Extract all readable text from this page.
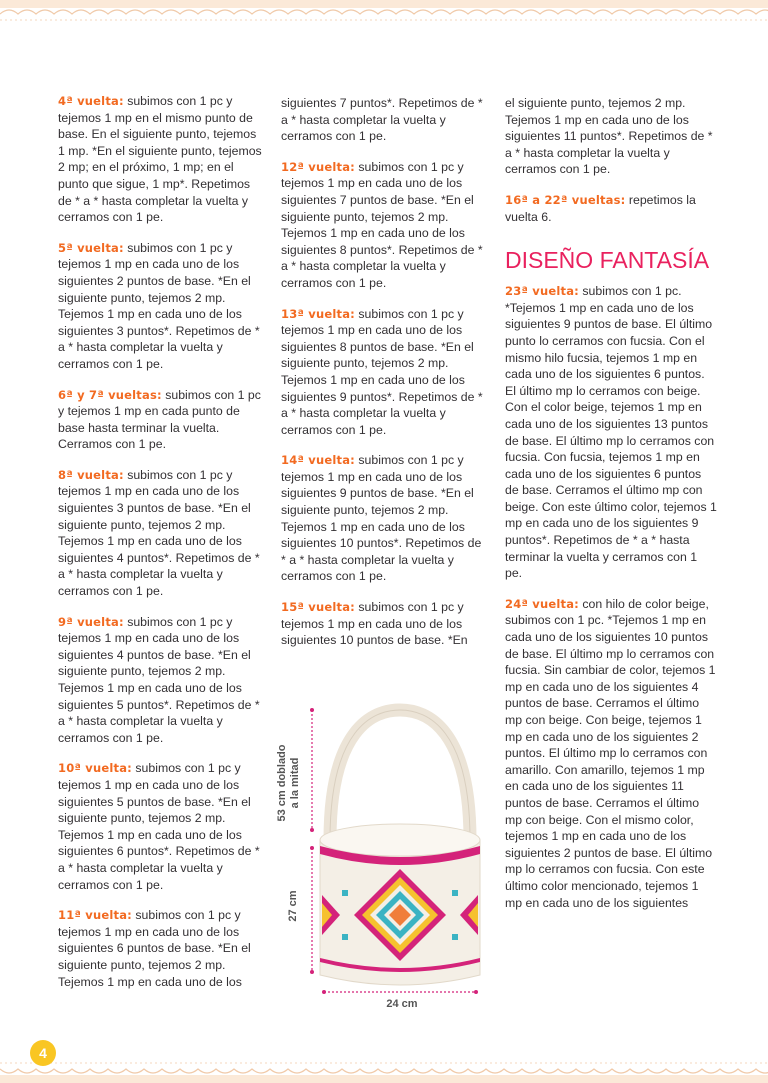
4ª vuelta: subimos con 1 pc y tejemos 1 mp en el mismo punto de base. En el siguiente punto, tejemos 1 mp. *En el siguiente punto, tejemos 2 mp; en el próximo, 1 mp; en el punto que sigue, 1 mp*. Repetimos de * a * hasta completar la vuelta y cerramos con 1 pe.

5ª vuelta: subimos con 1 pc y tejemos 1 mp en cada uno de los siguientes 2 puntos de base. *En el siguiente punto, tejemos 2 mp. Tejemos 1 mp en cada uno de los siguientes 3 puntos*. Repetimos de * a * hasta completar la vuelta y cerramos con 1 pe.

6ª y 7ª vueltas: subimos con 1 pc y tejemos 1 mp en cada punto de base hasta terminar la vuelta. Cerramos con 1 pe.

8ª vuelta: subimos con 1 pc y tejemos 1 mp en cada uno de los siguientes 3 puntos de base. *En el siguiente punto, tejemos 2 mp. Tejemos 1 mp en cada uno de los siguientes 4 puntos*. Repetimos de * a * hasta completar la vuelta y cerramos con 1 pe.

9ª vuelta: subimos con 1 pc y tejemos 1 mp en cada uno de los siguientes 4 puntos de base. *En el siguiente punto, tejemos 2 mp. Tejemos 1 mp en cada uno de los siguientes 5 puntos*. Repetimos de * a * hasta completar la vuelta y cerramos con 1 pe.

10ª vuelta: subimos con 1 pc y tejemos 1 mp en cada uno de los siguientes 5 puntos de base. *En el siguiente punto, tejemos 2 mp. Tejemos 1 mp en cada uno de los siguientes 6 puntos*. Repetimos de * a * hasta completar la vuelta y cerramos con 1 pe.

11ª vuelta: subimos con 1 pc y tejemos 1 mp en cada uno de los siguientes 6 puntos de base. *En el siguiente punto, tejemos 2 mp. Tejemos 1 mp en cada uno de los

siguientes 7 puntos*. Repetimos de * a * hasta completar la vuelta y cerramos con 1 pe.

12ª vuelta: subimos con 1 pc y tejemos 1 mp en cada uno de los siguientes 7 puntos de base. *En el siguiente punto, tejemos 2 mp. Tejemos 1 mp en cada uno de los siguientes 8 puntos*. Repetimos de * a * hasta completar la vuelta y cerramos con 1 pe.

13ª vuelta: subimos con 1 pc y tejemos 1 mp en cada uno de los siguientes 8 puntos de base. *En el siguiente punto, tejemos 2 mp. Tejemos 1 mp en cada uno de los siguientes 9 puntos*. Repetimos de * a * hasta completar la vuelta y cerramos con 1 pe.

14ª vuelta: subimos con 1 pc y tejemos 1 mp en cada uno de los siguientes 9 puntos de base. *En el siguiente punto, tejemos 2 mp. Tejemos 1 mp en cada uno de los siguientes 10 puntos*. Repetimos de * a * hasta completar la vuelta y cerramos con 1 pe.

15ª vuelta: subimos con 1 pc y tejemos 1 mp en cada uno de los siguientes 10 puntos de base. *En

el siguiente punto, tejemos 2 mp. Tejemos 1 mp en cada uno de los siguientes 11 puntos*. Repetimos de * a * hasta completar la vuelta y cerramos con 1 pe.

16ª a 22ª vueltas: repetimos la vuelta 6.

DISEÑO FANTASÍA

23ª vuelta: subimos con 1 pc. *Tejemos 1 mp en cada uno de los siguientes 9 puntos de base. El último punto lo cerramos con fucsia. Con el mismo hilo fucsia, tejemos 1 mp en cada uno de los siguientes 6 puntos. El último mp lo cerramos con beige. Con el color beige, tejemos 1 mp en cada uno de los siguientes 13 puntos de base. El último mp lo cerramos con fucsia. Con fucsia, tejemos 1 mp en cada uno de los siguientes 6 puntos de base. Cerramos el último mp con beige. Con este último color, tejemos 1 mp en cada uno de los siguientes 9 puntos*. Repetimos de * a * hasta terminar la vuelta y cerramos con 1 pe.

24ª vuelta: con hilo de color beige, subimos con 1 pc. *Tejemos 1 mp en cada uno de los siguientes 10 puntos de base. El último mp lo cerramos con fucsia. Sin cambiar de color, tejemos 1 mp en cada uno de los siguientes 4 puntos de base. Cerramos el último mp con beige. Con beige, tejemos 1 mp en cada uno de los siguientes 2 puntos. El último mp lo cerramos con amarillo. Con amarillo, tejemos 1 mp en cada uno de los siguientes 11 puntos de base. Cerramos el último mp con beige. Con el mismo color, tejemos 1 mp en cada uno de los siguientes 2 puntos de base. El último mp lo cerramos con fucsia. Con este último color mencionado, tejemos 1 mp en cada uno de los siguientes

53 cm doblado a la mitad
27 cm
24 cm
4
